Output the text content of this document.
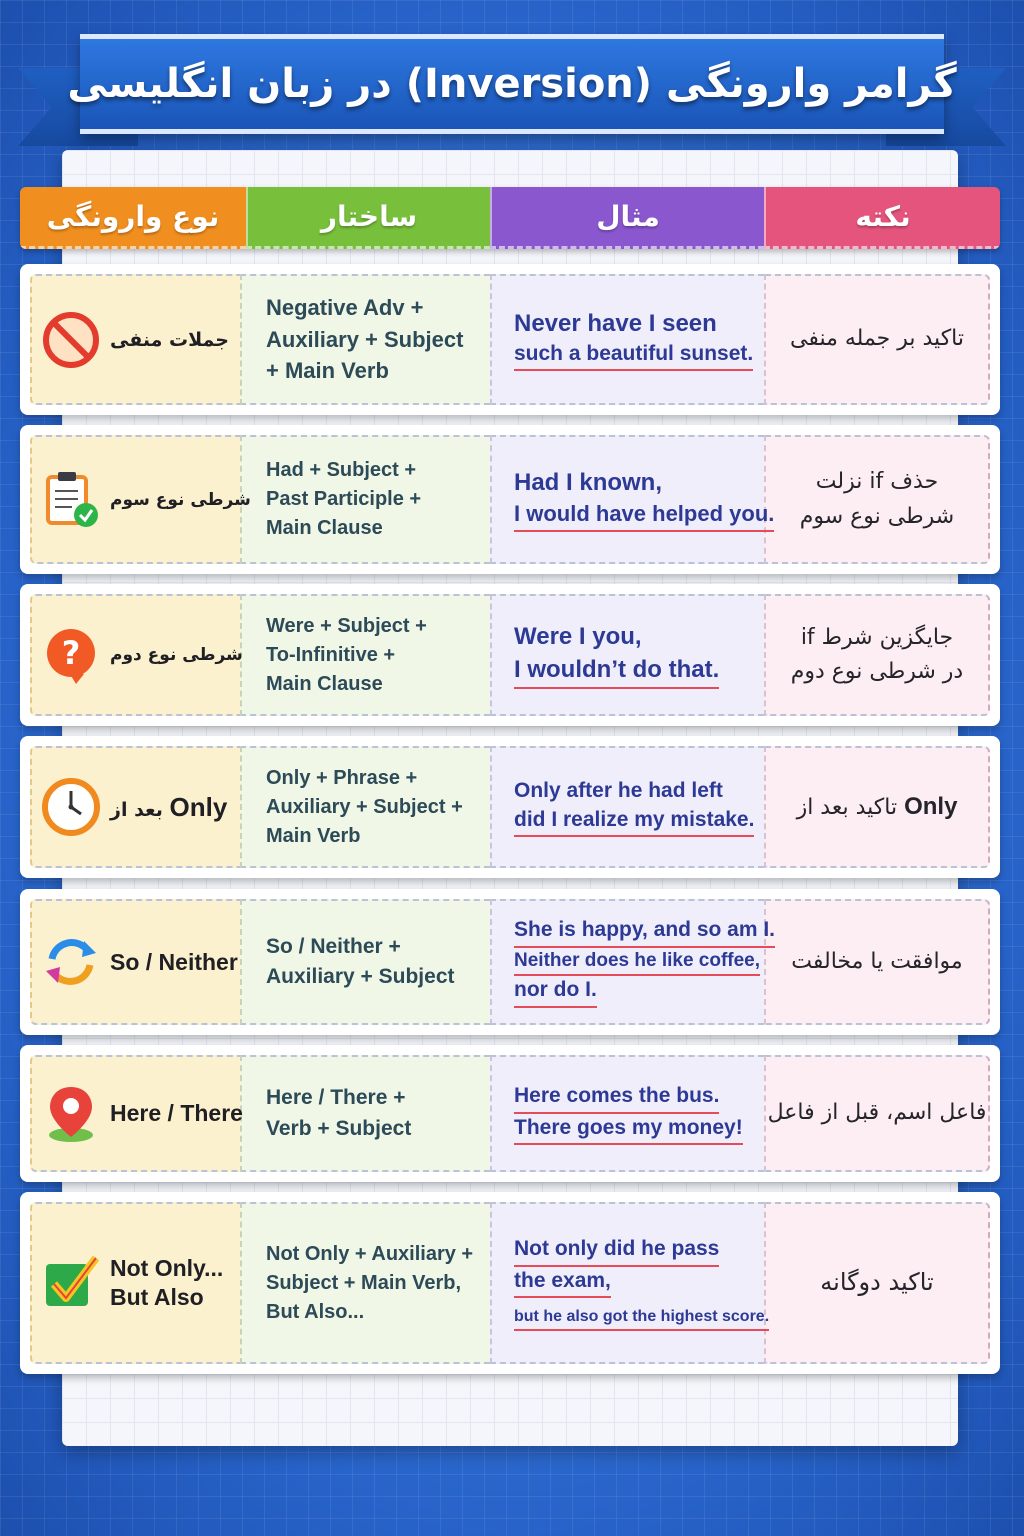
گرامر وارونگی (Inversion) در زبان انگلیسی
نکته
مثال
ساختار
نوع وارونگی
تاکید بر جمله منفی
Never have I seen
such a beautiful sunset.
Negative Adv +
Auxiliary + Subject
+ Main Verb
جملات منفی
حذف if نزلت
شرطی نوع سوم
Had I known,
I would have helped you.
Had + Subject +
Past Participle +
Main Clause
شرطی نوع سوم
جایگزین شرط if
در شرطی نوع دوم
Were I you,
I wouldn’t do that.
Were + Subject +
To-Infinitive +
Main Clause
? شرطی نوع دوم
Only تاکید بعد از
Only after he had left
did I realize my mistake.
Only + Phrase +
Auxiliary + Subject +
Main Verb
Only بعد از
موافقت یا مخالفت
She is happy, and so am I.
Neither does he like coffee,
nor do I.
So / Neither +
Auxiliary + Subject
So / Neither
فاعل اسم، قبل از فاعل
Here comes the bus.
There goes my money!
Here / There +
Verb + Subject
Here / There
تاکید دوگانه
Not only did he pass
the exam,
but he also got the highest score.
Not Only + Auxiliary +
Subject + Main Verb,
But Also...
Not Only...
But Also
